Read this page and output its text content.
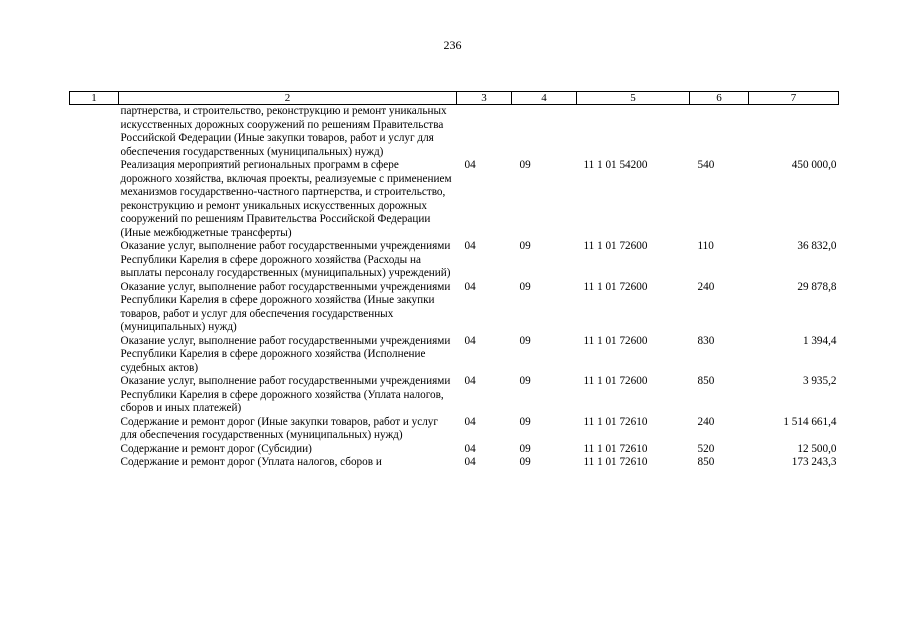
236
1	2	3	4	5	6	7
	партнерства, и строительство, реконструкцию и ремонт уникальных искусственных дорожных сооружений по решениям Правительства Российской Федерации (Иные закупки товаров, работ и услуг для обеспечения государственных (муниципальных) нужд)					
	Реализация мероприятий региональных программ в сфере дорожного хозяйства, включая проекты, реализуемые с применением механизмов государственно-частного партнерства, и строительство, реконструкцию и ремонт уникальных искусственных дорожных сооружений по решениям Правительства Российской Федерации (Иные межбюджетные трансферты)	04	09	11 1 01 54200	540	450 000,0
	Оказание услуг, выполнение работ государственными учреждениями Республики Карелия в сфере дорожного хозяйства (Расходы на выплаты персоналу государственных (муниципальных) учреждений)	04	09	11 1 01 72600	110	36 832,0
	Оказание услуг, выполнение работ государственными учреждениями Республики Карелия в сфере дорожного хозяйства (Иные закупки товаров, работ и услуг для обеспечения государственных (муниципальных) нужд)	04	09	11 1 01 72600	240	29 878,8
	Оказание услуг, выполнение работ государственными учреждениями Республики Карелия в сфере дорожного хозяйства (Исполнение судебных актов)	04	09	11 1 01 72600	830	1 394,4
	Оказание услуг, выполнение работ государственными учреждениями Республики Карелия в сфере дорожного хозяйства (Уплата налогов, сборов и иных платежей)	04	09	11 1 01 72600	850	3 935,2
	Содержание и ремонт дорог (Иные закупки товаров, работ и услуг для обеспечения государственных (муниципальных) нужд)	04	09	11 1 01 72610	240	1 514 661,4
	Содержание и ремонт дорог (Субсидии)	04	09	11 1 01 72610	520	12 500,0
	Содержание и ремонт дорог (Уплата налогов, сборов и	04	09	11 1 01 72610	850	173 243,3
